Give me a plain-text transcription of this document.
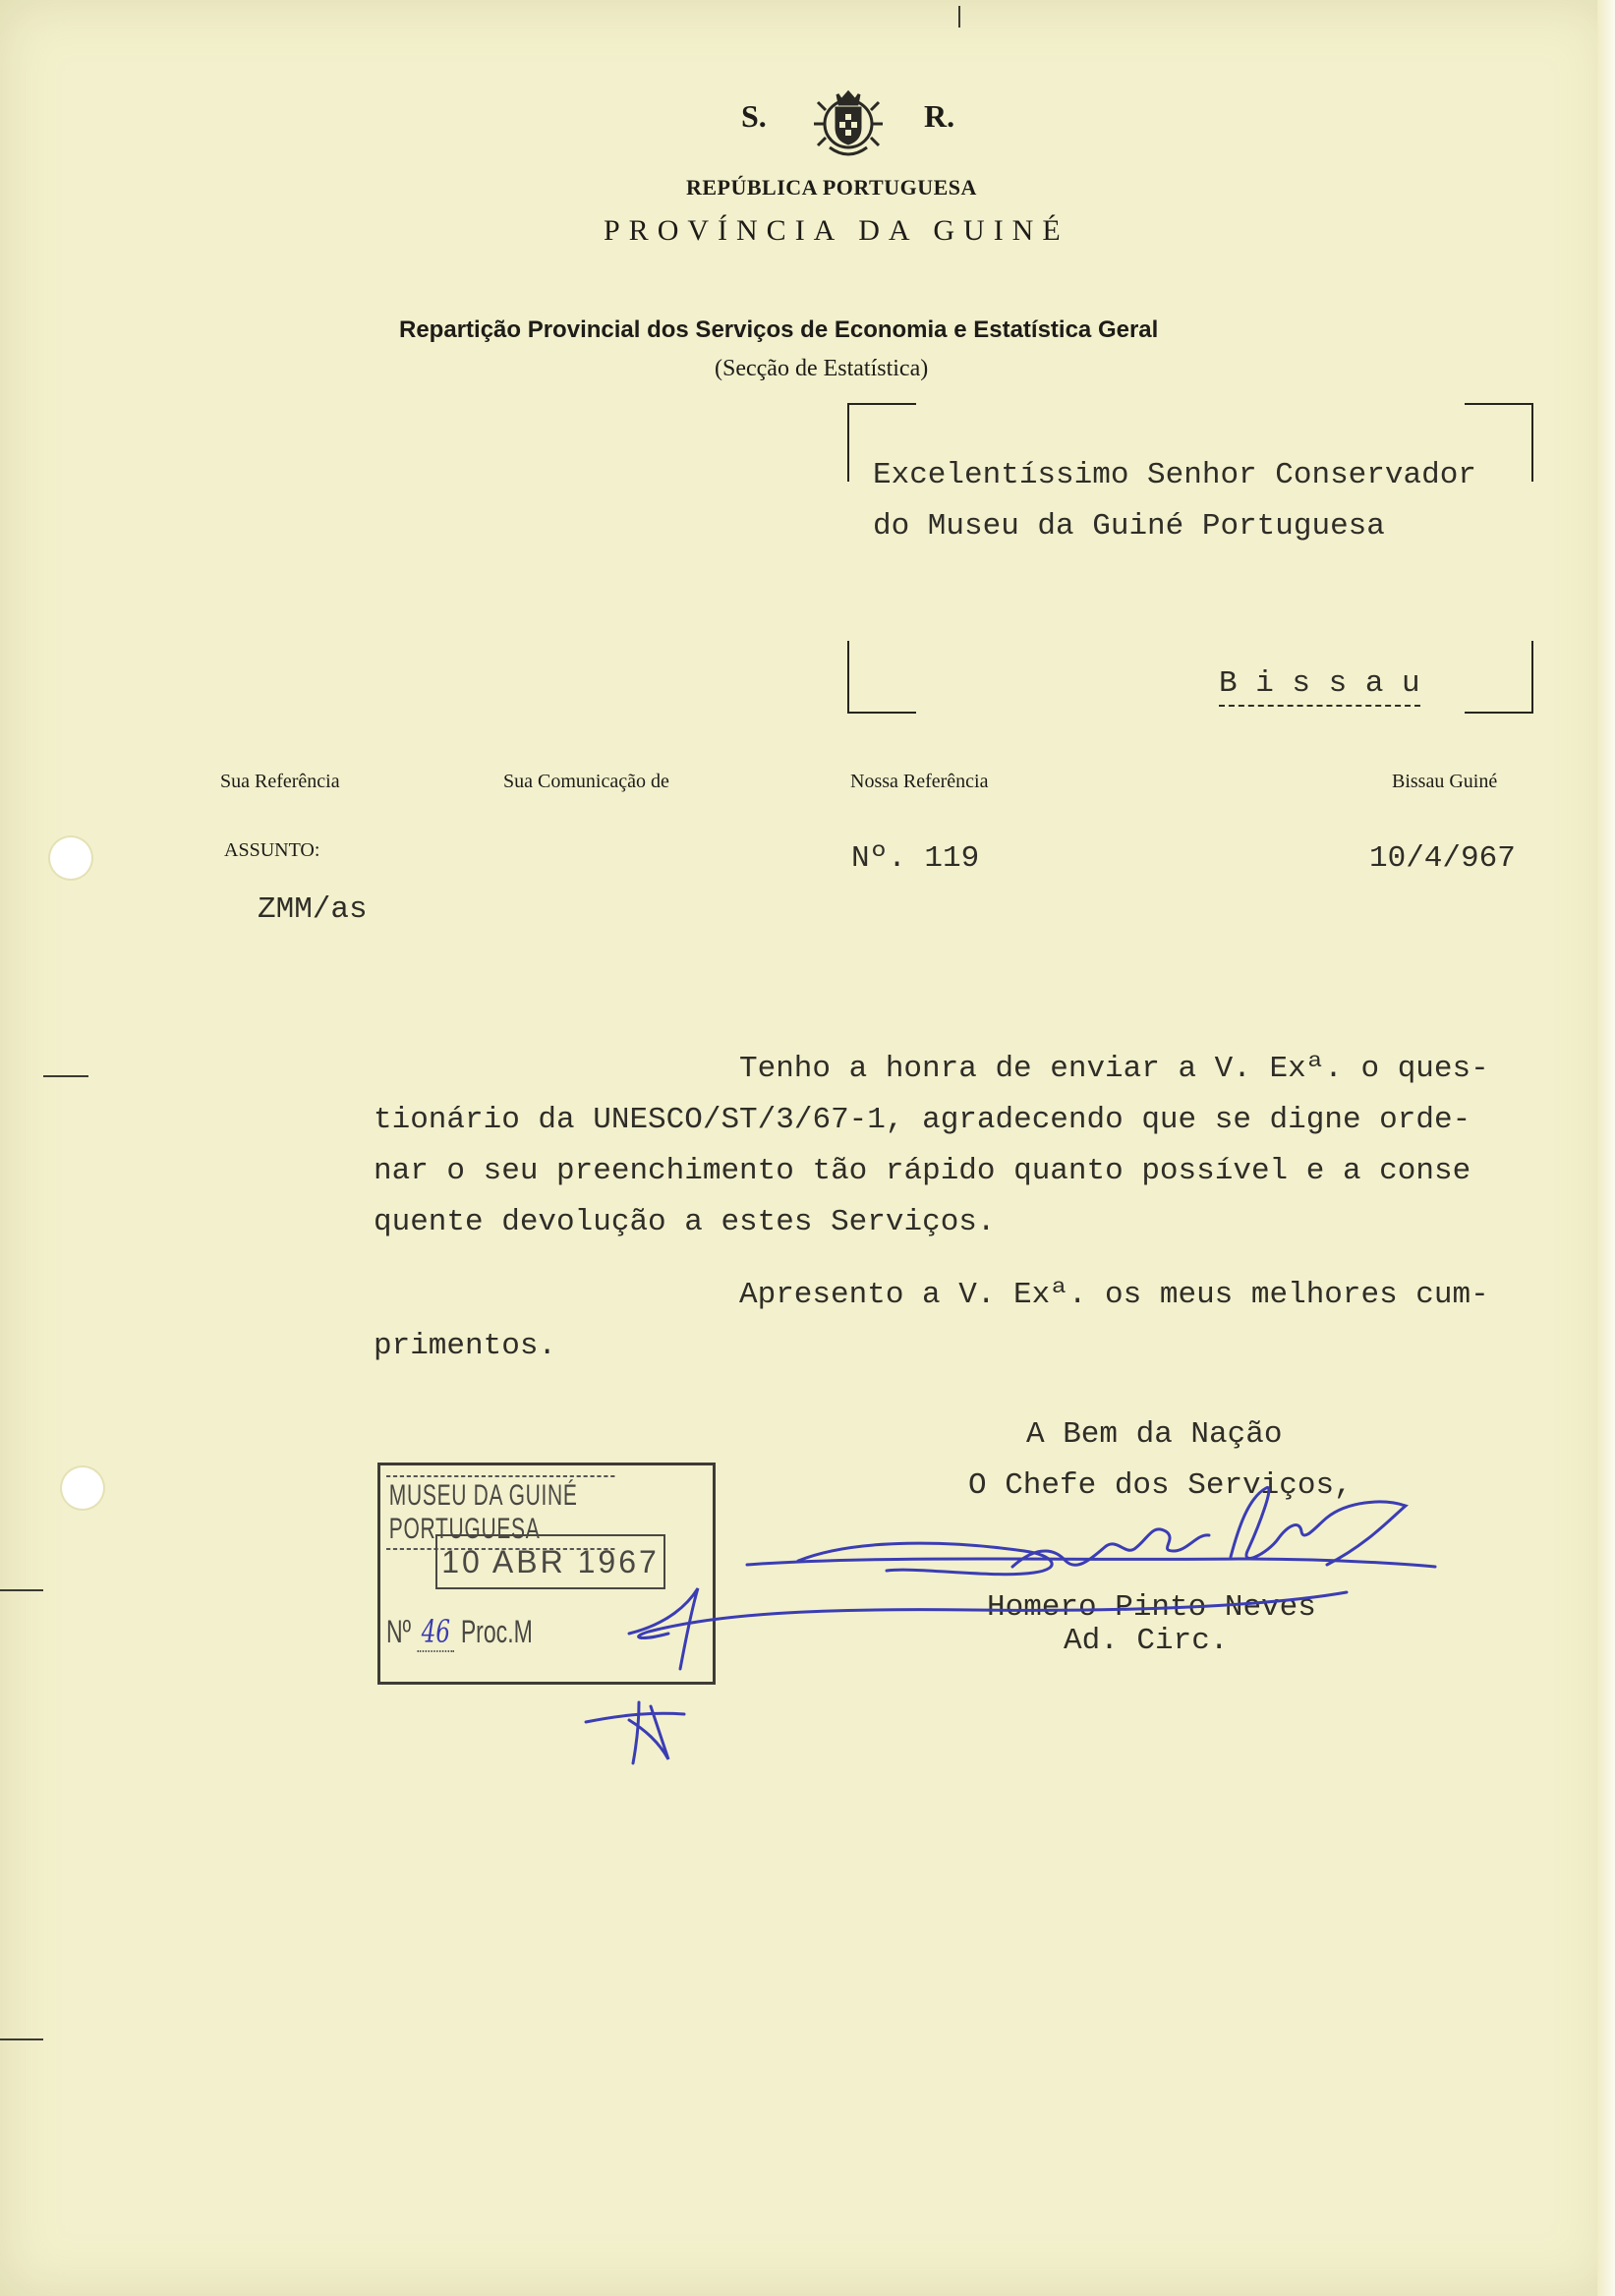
S.	R.
REPÚBLICA PORTUGUESA
PROVÍNCIA DA GUINÉ
Repartição Provincial dos Serviços de Economia e Estatística Geral
(Secção de Estatística)
Excelentíssimo Senhor Conservador
do Museu da Guiné Portuguesa
B i s s a u
Sua Referência	Sua Comunicação de	Nossa Referência	Bissau Guiné
ASSUNTO:	Nº. 119	10/4/967
ZMM/as
Tenho a honra de enviar a V. Exª. o ques-
tionário da UNESCO/ST/3/67-1, agradecendo que se digne orde-
nar o seu preenchimento tão rápido quanto possível e a conse
quente devolução a estes Serviços.
Apresento a V. Exª. os meus melhores cum-
primentos.
A Bem da Nação
O Chefe dos Serviços,
Homero Pinto Neves
Ad. Circ.
MUSEU DA GUINÉ PORTUGUESA
10 ABR 1967
Nº 46 Proc.M
